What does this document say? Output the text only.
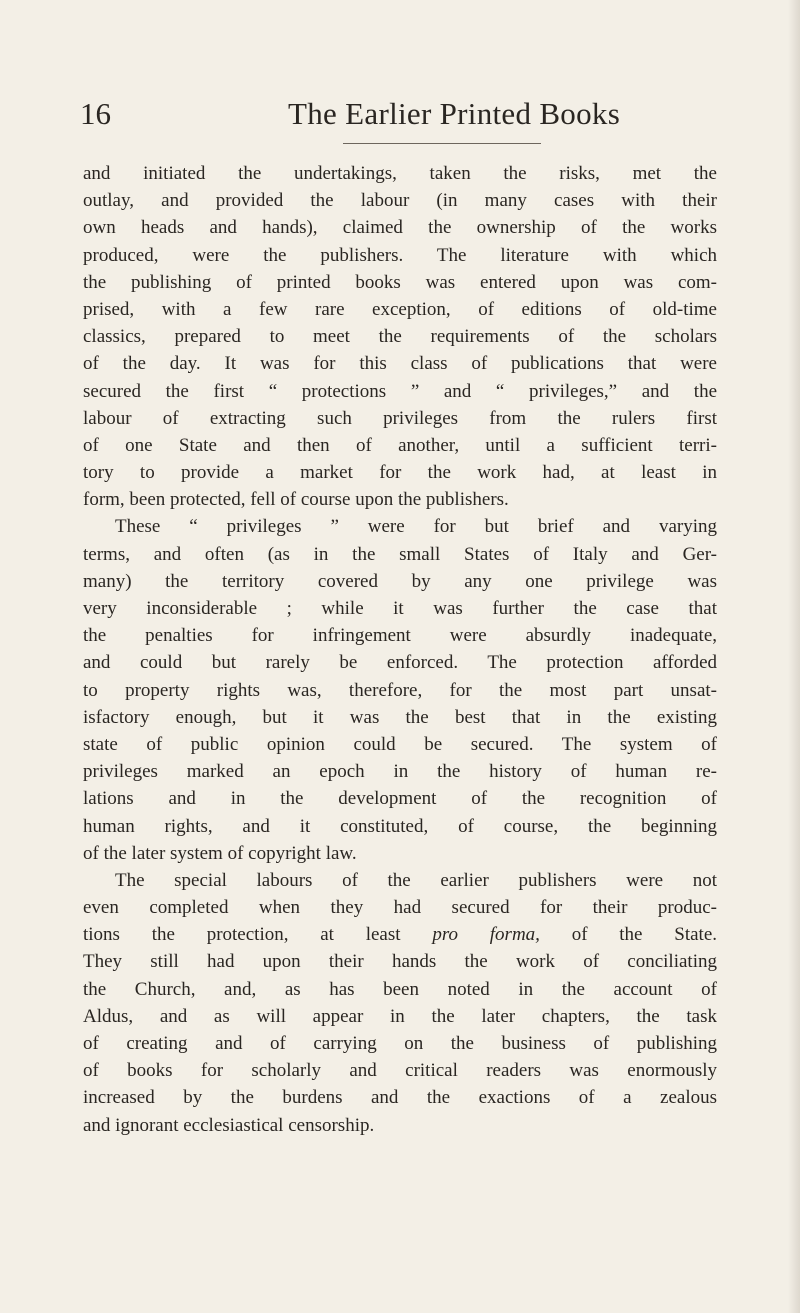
16	The Earlier Printed Books
and initiated the undertakings, taken the risks, met the
outlay, and provided the labour (in many cases with their
own heads and hands), claimed the ownership of the works
produced, were the publishers. The literature with which
the publishing of printed books was entered upon was com-
prised, with a few rare exception, of editions of old-time
classics, prepared to meet the requirements of the scholars
of the day. It was for this class of publications that were
secured the first “ protections ” and “ privileges,” and the
labour of extracting such privileges from the rulers first
of one State and then of another, until a sufficient terri-
tory to provide a market for the work had, at least in
form, been protected, fell of course upon the publishers.
These “ privileges ” were for but brief and varying
terms, and often (as in the small States of Italy and Ger-
many) the territory covered by any one privilege was
very inconsiderable ; while it was further the case that
the penalties for infringement were absurdly inadequate,
and could but rarely be enforced. The protection afforded
to property rights was, therefore, for the most part unsat-
isfactory enough, but it was the best that in the existing
state of public opinion could be secured. The system of
privileges marked an epoch in the history of human re-
lations and in the development of the recognition of
human rights, and it constituted, of course, the beginning
of the later system of copyright law.
The special labours of the earlier publishers were not
even completed when they had secured for their produc-
tions the protection, at least pro forma, of the State.
They still had upon their hands the work of conciliating
the Church, and, as has been noted in the account of
Aldus, and as will appear in the later chapters, the task
of creating and of carrying on the business of publishing
of books for scholarly and critical readers was enormously
increased by the burdens and the exactions of a zealous
and ignorant ecclesiastical censorship.
